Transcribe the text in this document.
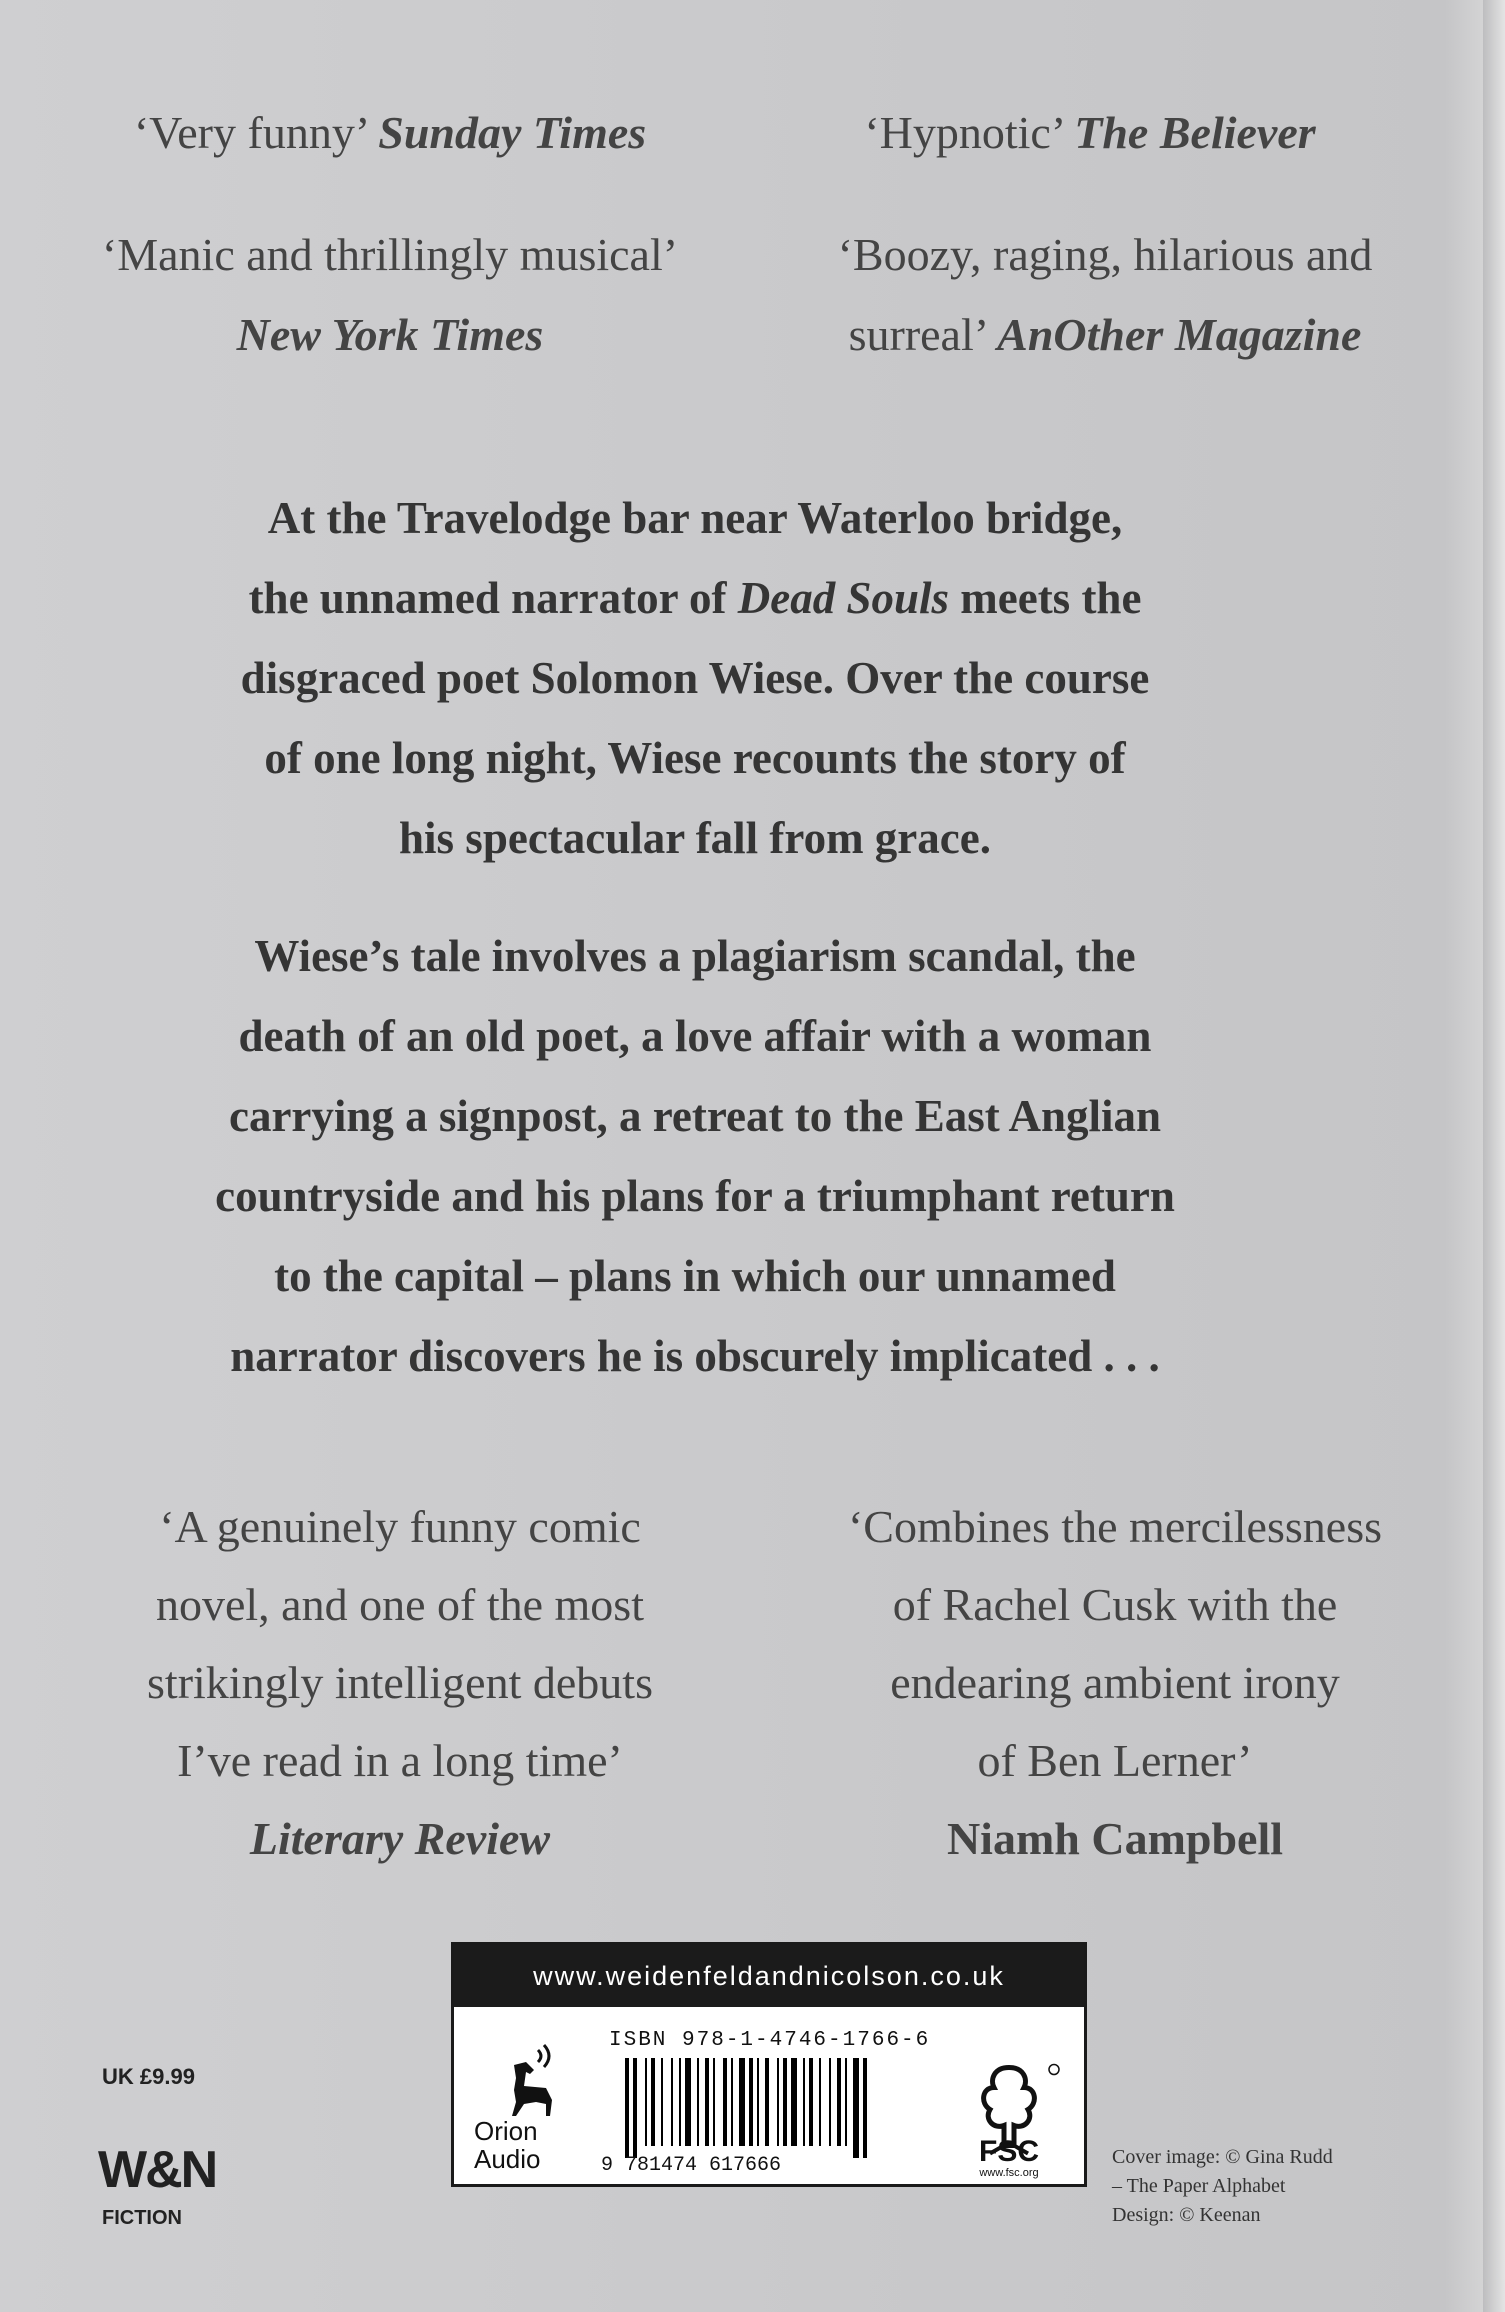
‘Very funny’ Sunday Times	‘Hypnotic’ The Believer
‘Manic and thrillingly musical’
New York Times
‘Boozy, raging, hilarious and
surreal’ AnOther Magazine
At the Travelodge bar near Waterloo bridge,
the unnamed narrator of Dead Souls meets the
disgraced poet Solomon Wiese. Over the course
of one long night, Wiese recounts the story of
his spectacular fall from grace.
Wiese’s tale involves a plagiarism scandal, the
death of an old poet, a love affair with a woman
carrying a signpost, a retreat to the East Anglian
countryside and his plans for a triumphant return
to the capital – plans in which our unnamed
narrator discovers he is obscurely implicated . . .
‘A genuinely funny comic
novel, and one of the most
strikingly intelligent debuts
I’ve read in a long time’
Literary Review
‘Combines the mercilessness
of Rachel Cusk with the
endearing ambient irony
of Ben Lerner’
Niamh Campbell
www.weidenfeldandnicolson.co.uk
Orion
Audio
ISBN 978-1-4746-1766-6
9 781474 617666	FSC
www.fsc.org
UK £9.99
W&N
FICTION
Cover image: © Gina Rudd
– The Paper Alphabet
Design: © Keenan
